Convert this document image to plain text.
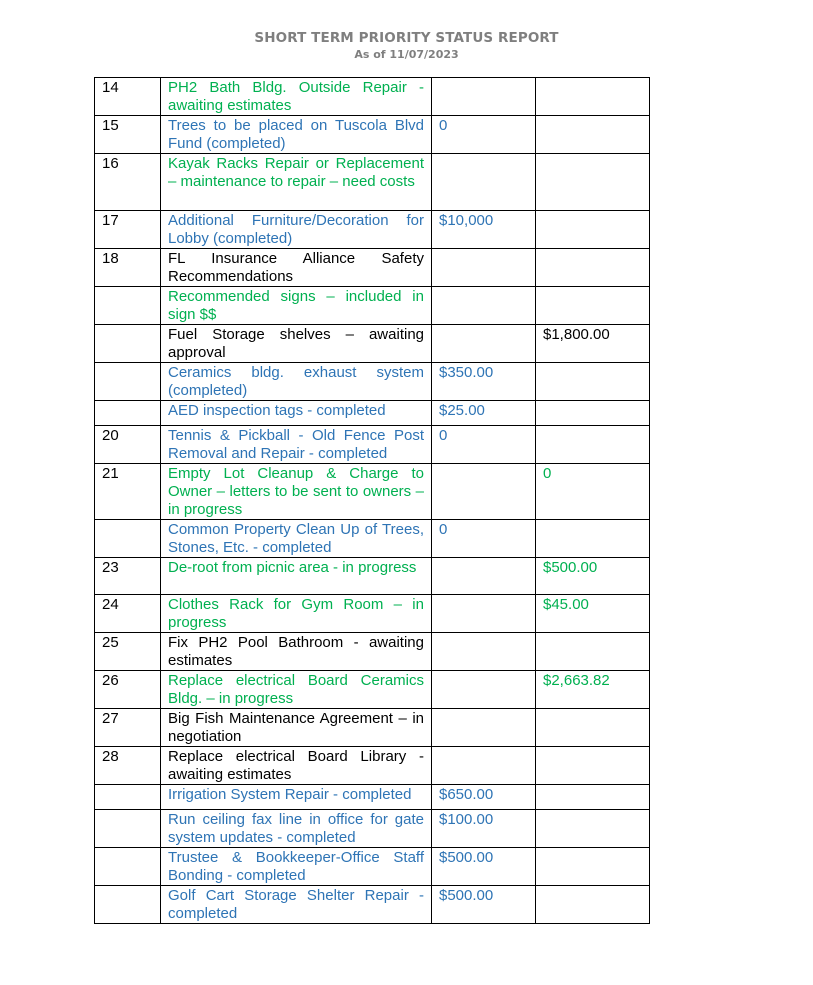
SHORT TERM PRIORITY STATUS REPORT
As of 11/07/2023
14	PH2 Bath Bldg. Outside Repair - awaiting estimates		
15	Trees to be placed on Tuscola Blvd Fund (completed)	0	
16	Kayak Racks Repair or Replacement – maintenance to repair – need costs		
17	Additional Furniture/Decoration for Lobby (completed)	$10,000	
18	FL Insurance Alliance Safety Recommendations		
	Recommended signs – included in sign $$		
	Fuel Storage shelves – awaiting approval		$1,800.00
	Ceramics bldg. exhaust system (completed)	$350.00	
	AED inspection tags - completed	$25.00	
20	Tennis & Pickball - Old Fence Post Removal and Repair - completed	0	
21	Empty Lot Cleanup & Charge to Owner – letters to be sent to owners – in progress		0
	Common Property Clean Up of Trees, Stones, Etc. - completed	0	
23	De-root from picnic area - in progress		$500.00
24	Clothes Rack for Gym Room – in progress		$45.00
25	Fix PH2 Pool Bathroom - awaiting estimates		
26	Replace electrical Board Ceramics Bldg. – in progress		$2,663.82
27	Big Fish Maintenance Agreement – in negotiation		
28	Replace electrical Board Library - awaiting estimates		
	Irrigation System Repair - completed	$650.00	
	Run ceiling fax line in office for gate system updates - completed	$100.00	
	Trustee & Bookkeeper-Office Staff Bonding - completed	$500.00	
	Golf Cart Storage Shelter Repair - completed	$500.00	
